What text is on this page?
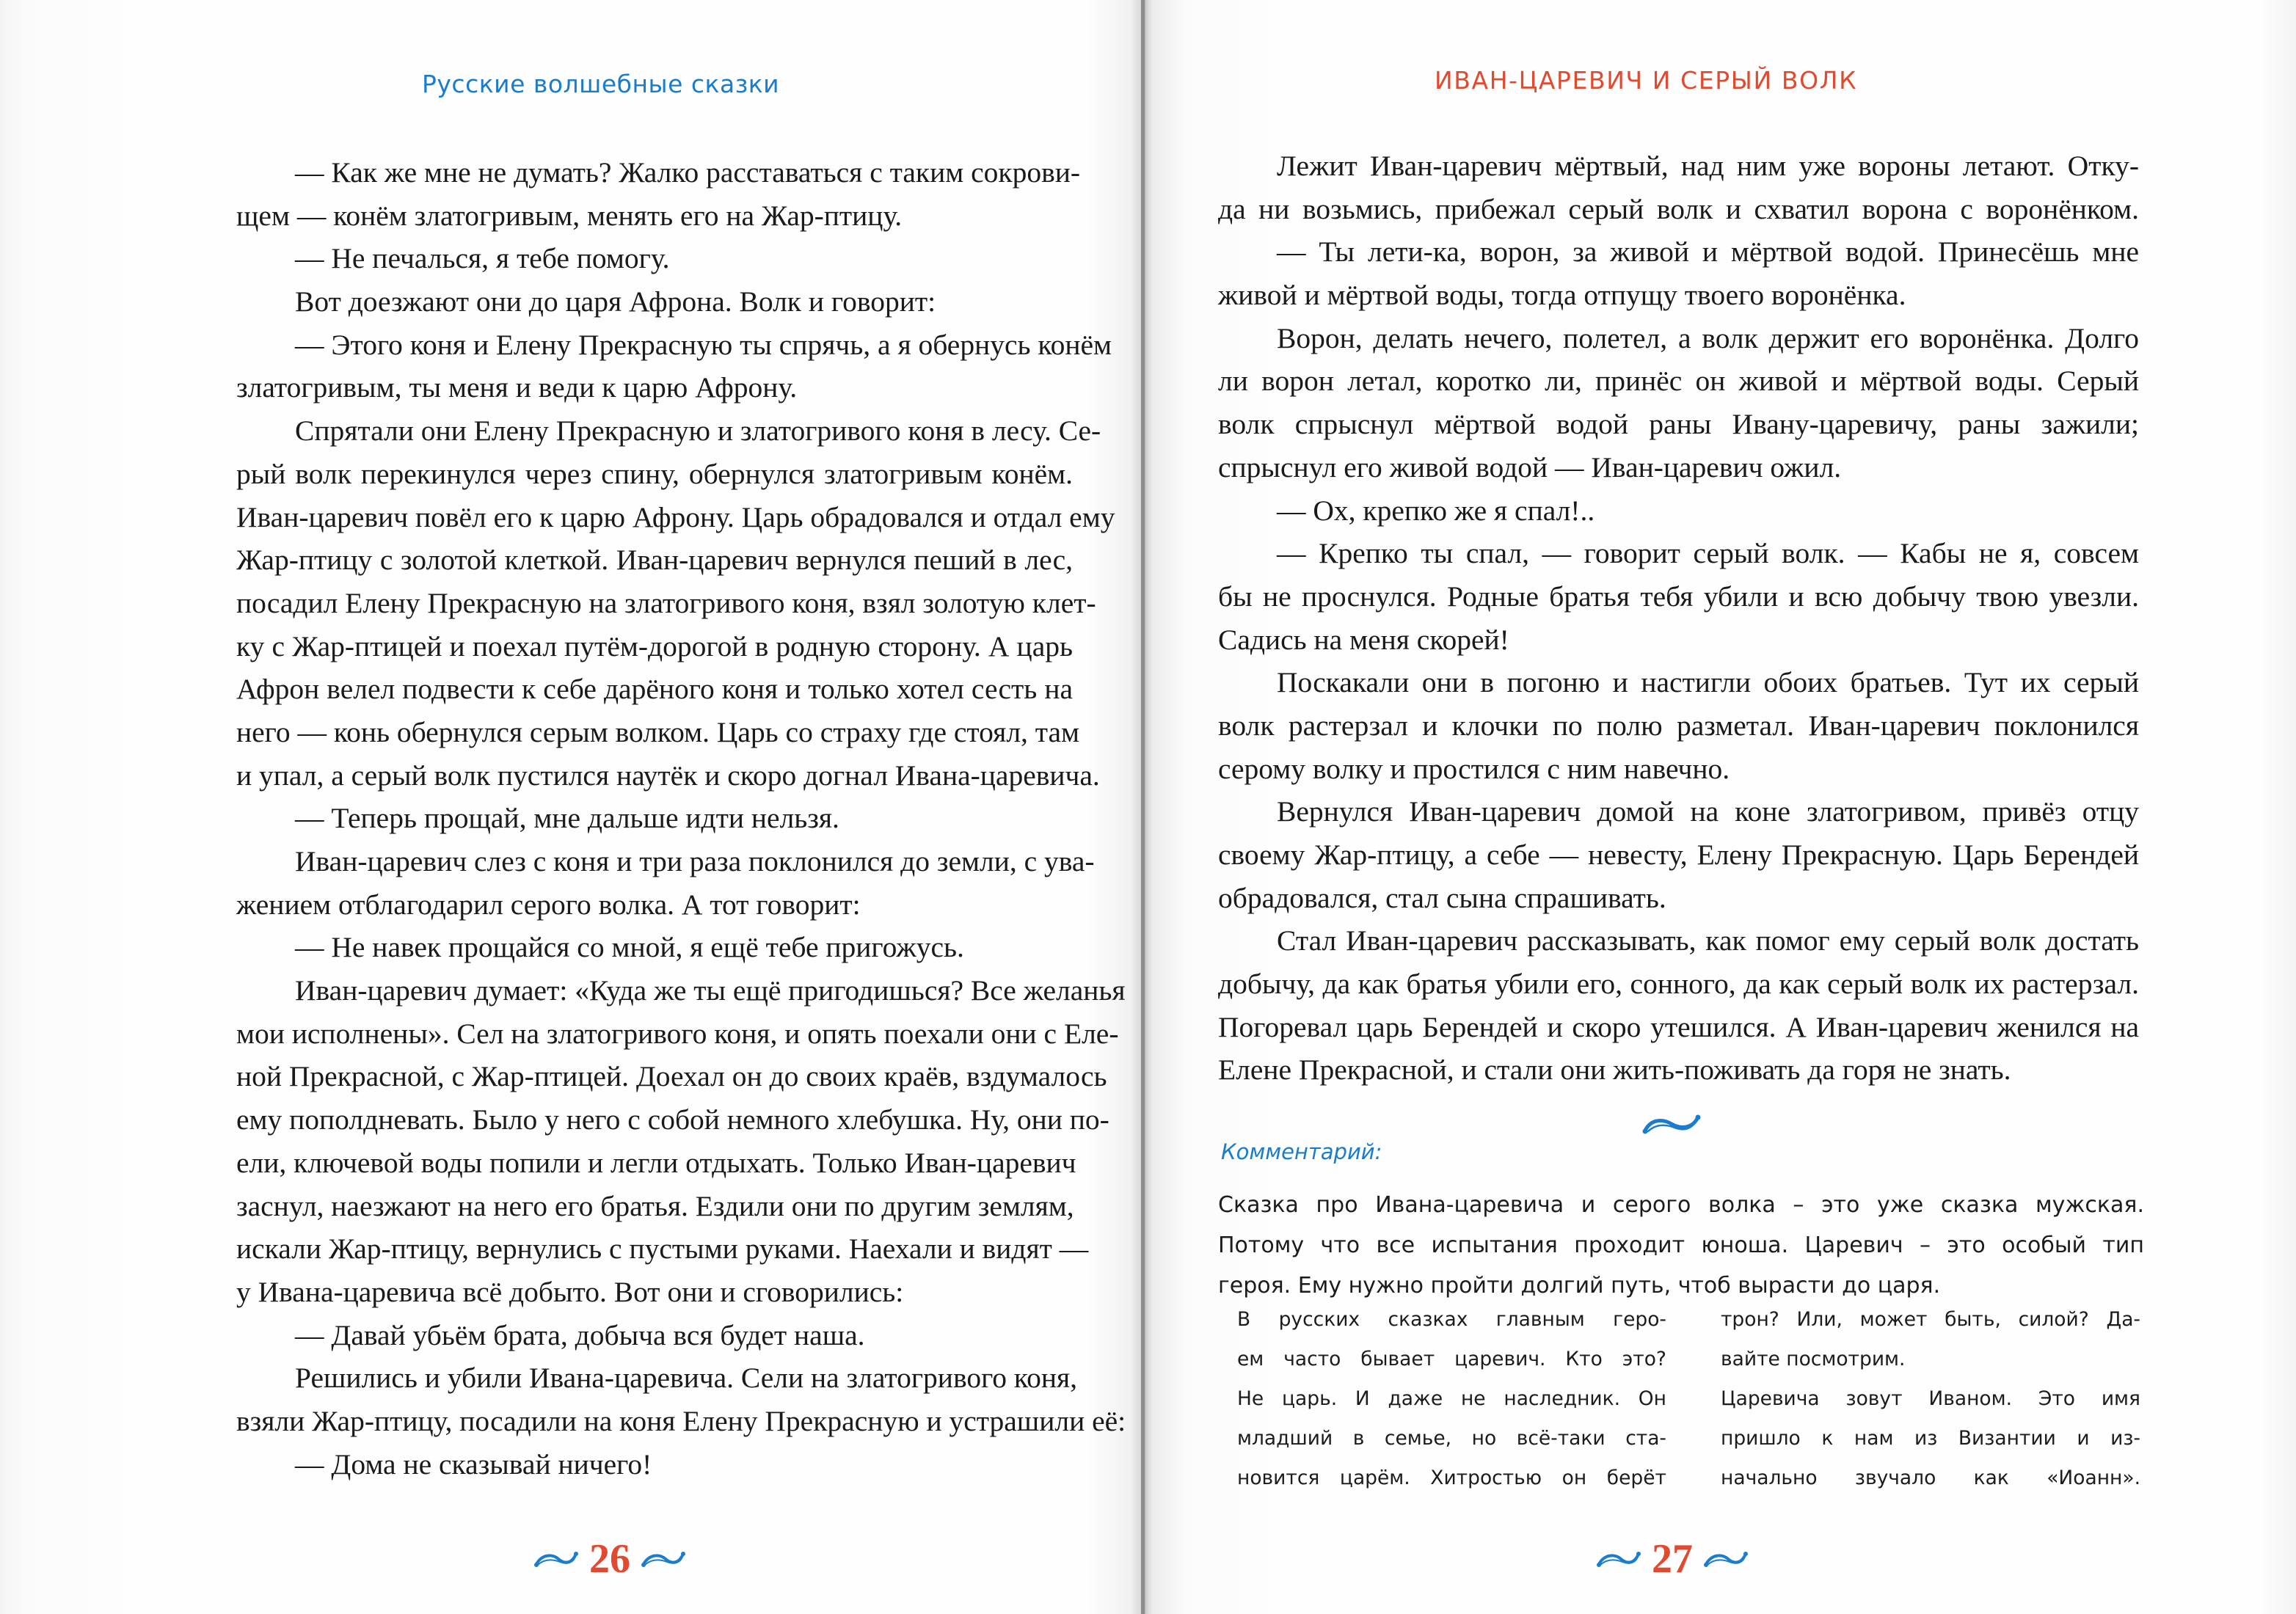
Русские волшебные сказки	ИВАН-ЦАРЕВИЧ И СЕРЫЙ ВОЛК
— Как же мне не думать? Жалко расставаться с таким сокрови-
щем — конём златогривым, менять его на Жар-птицу.
— Не печалься, я тебе помогу.
Вот доезжают они до царя Афрона. Волк и говорит:
— Этого коня и Елену Прекрасную ты спрячь, а я обернусь конём
златогривым, ты меня и веди к царю Афрону.
Спрятали они Елену Прекрасную и златогривого коня в лесу. Се-
рый волк перекинулся через спину, обернулся златогривым конём.
Иван-царевич повёл его к царю Афрону. Царь обрадовался и отдал ему
Жар-птицу с золотой клеткой. Иван-царевич вернулся пеший в лес,
посадил Елену Прекрасную на златогривого коня, взял золотую клет-
ку с Жар-птицей и поехал путём-дорогой в родную сторону. А царь
Афрон велел подвести к себе дарёного коня и только хотел сесть на
него — конь обернулся серым волком. Царь со страху где стоял, там
и упал, а серый волк пустился наутёк и скоро догнал Ивана-царевича.
— Теперь прощай, мне дальше идти нельзя.
Иван-царевич слез с коня и три раза поклонился до земли, с ува-
жением отблагодарил серого волка. А тот говорит:
— Не навек прощайся со мной, я ещё тебе пригожусь.
Иван-царевич думает: «Куда же ты ещё пригодишься? Все желанья
мои исполнены». Сел на златогривого коня, и опять поехали они с Еле-
ной Прекрасной, с Жар-птицей. Доехал он до своих краёв, вздумалось
ему пополдневать. Было у него с собой немного хлебушка. Ну, они по-
ели, ключевой воды попили и легли отдыхать. Только Иван-царевич
заснул, наезжают на него его братья. Ездили они по другим землям,
искали Жар-птицу, вернулись с пустыми руками. Наехали и видят —
у Ивана-царевича всё добыто. Вот они и сговорились:
— Давай убьём брата, добыча вся будет наша.
Решились и убили Ивана-царевича. Сели на златогривого коня,
взяли Жар-птицу, посадили на коня Елену Прекрасную и устрашили её:
— Дома не сказывай ничего!
Лежит Иван-царевич мёртвый, над ним уже вороны летают. Отку-
да ни возьмись, прибежал серый волк и схватил ворона с воронёнком.
— Ты лети-ка, ворон, за живой и мёртвой водой. Принесёшь мне
живой и мёртвой воды, тогда отпущу твоего воронёнка.
Ворон, делать нечего, полетел, а волк держит его воронёнка. Долго
ли ворон летал, коротко ли, принёс он живой и мёртвой воды. Серый
волк спрыснул мёртвой водой раны Ивану-царевичу, раны зажили;
спрыснул его живой водой — Иван-царевич ожил.
— Ох, крепко же я спал!..
— Крепко ты спал, — говорит серый волк. — Кабы не я, совсем
бы не проснулся. Родные братья тебя убили и всю добычу твою увезли.
Садись на меня скорей!
Поскакали они в погоню и настигли обоих братьев. Тут их серый
волк растерзал и клочки по полю разметал. Иван-царевич поклонился
серому волку и простился с ним навечно.
Вернулся Иван-царевич домой на коне златогривом, привёз отцу
своему Жар-птицу, а себе — невесту, Елену Прекрасную. Царь Берендей
обрадовался, стал сына спрашивать.
Стал Иван-царевич рассказывать, как помог ему серый волк достать
добычу, да как братья убили его, сонного, да как серый волк их растерзал.
Погоревал царь Берендей и скоро утешился. А Иван-царевич женился на
Елене Прекрасной, и стали они жить-поживать да горя не знать.
Комментарий:
Сказка про Ивана-царевича и серого волка – это уже сказка мужская.
Потому что все испытания проходит юноша. Царевич – это особый тип
героя. Ему нужно пройти долгий путь, чтоб вырасти до царя.
В русских сказках главным геро-
ем часто бывает царевич. Кто это?
Не царь. И даже не наследник. Он
младший в семье, но всё-таки ста-
новится царём. Хитростью он берёт
трон? Или, может быть, силой? Да-
вайте посмотрим.
Царевича зовут Иваном. Это имя
пришло к нам из Византии и из-
начально звучало как «Иоанн».
26	27
